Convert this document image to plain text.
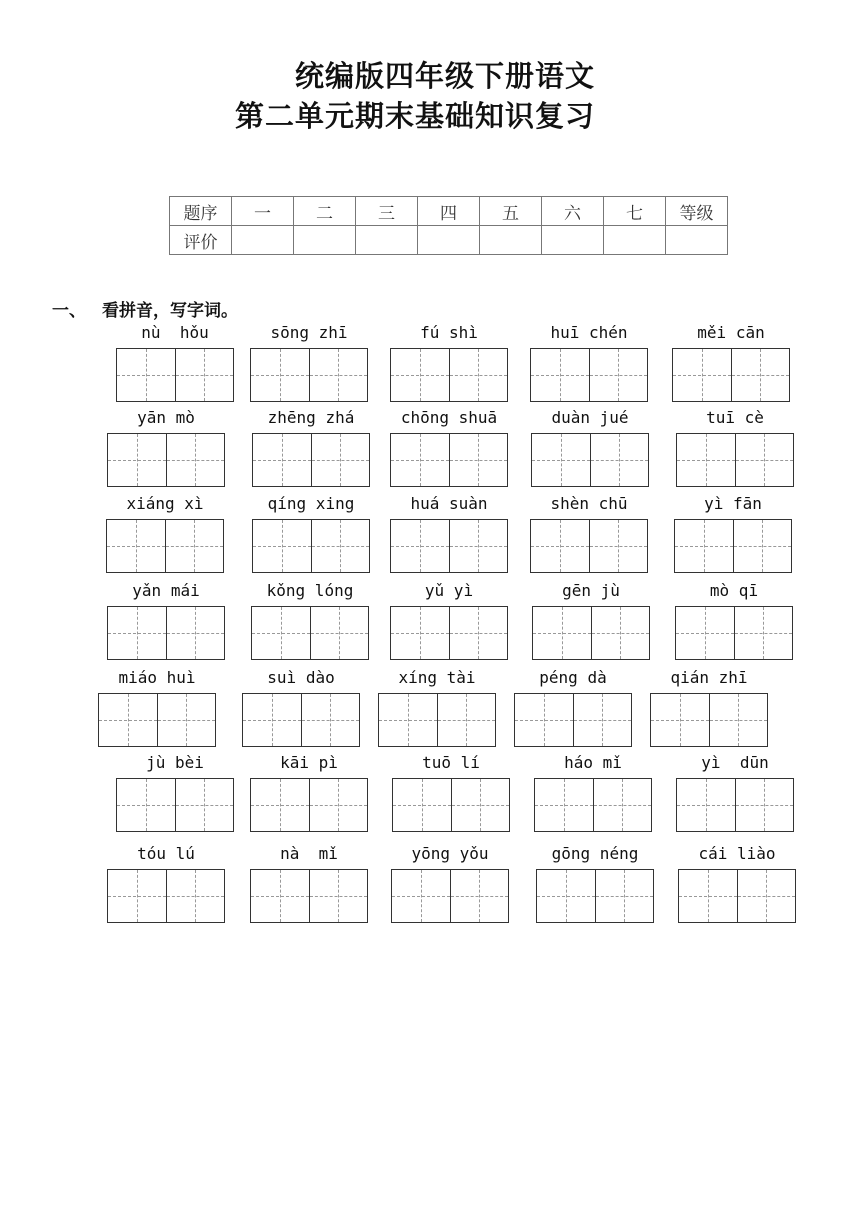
统编版四年级下册语文
第二单元期末基础知识复习
题序	一	二	三	四	五	六	七	等级
评价								
一、 看拼音，写字词。
nù  hǒu	sōng zhī	fú shì	huī chén	měi cān
yān mò	zhēng zhá	chōng shuā	duàn jué	tuī cè
xiáng xì	qíng xing	huá suàn	shèn chū	yì fān
yǎn mái	kǒng lóng	yǔ yì	gēn jù	mò qī
miáo huì	suì dào	xíng tài	péng dà	qián zhī
jù bèi	kāi pì	tuō lí	háo mǐ	yì  dūn
tóu lú	nà  mǐ	yōng yǒu	gōng néng	cái liào
